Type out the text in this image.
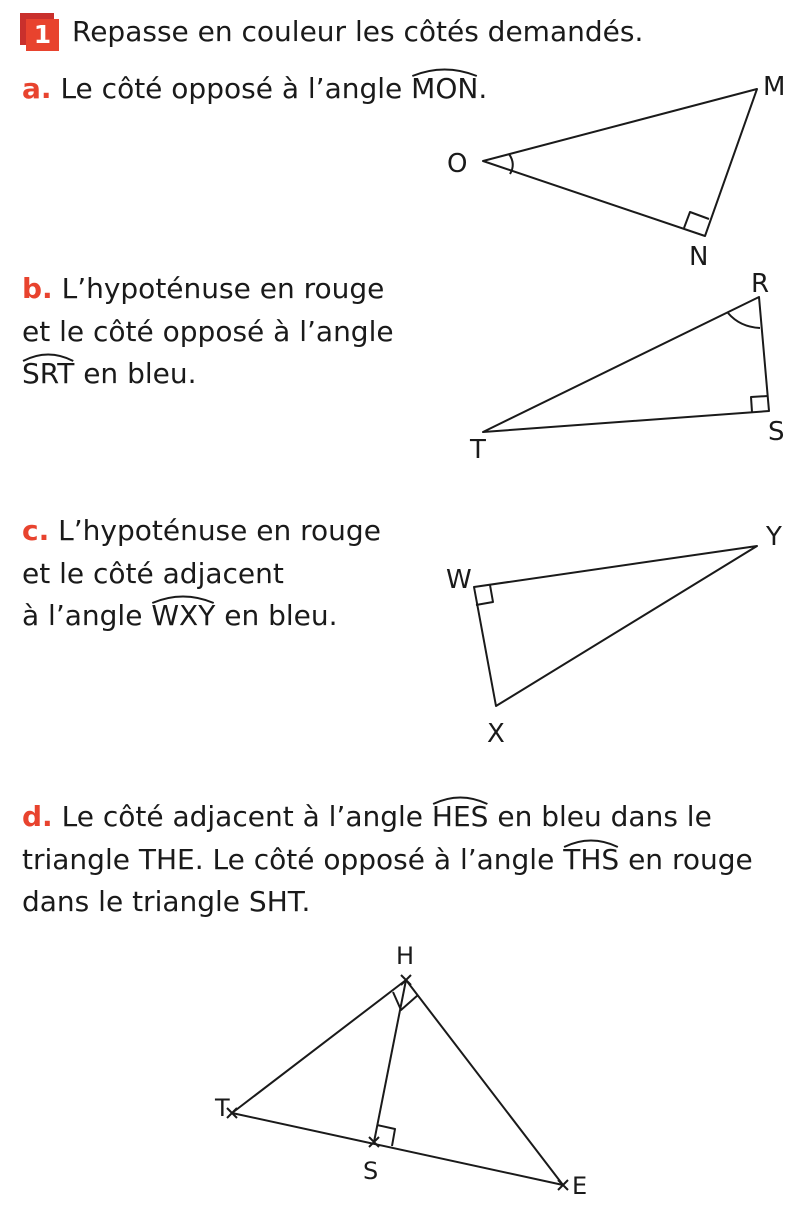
1 Repasse en couleur les côtés demandés.
a. Le côté opposé à l’angle MON.
b. L’hypoténuse en rouge
et le côté opposé à l’angle
SRT en bleu.
c. L’hypoténuse en rouge
et le côté adjacent
à l’angle WXY en bleu.
d. Le côté adjacent à l’angle HES en bleu dans le
triangle THE. Le côté opposé à l’angle THS en rouge
dans le triangle SHT.
M
O
N
R
S
T
W
Y
X
H
T
S
E
